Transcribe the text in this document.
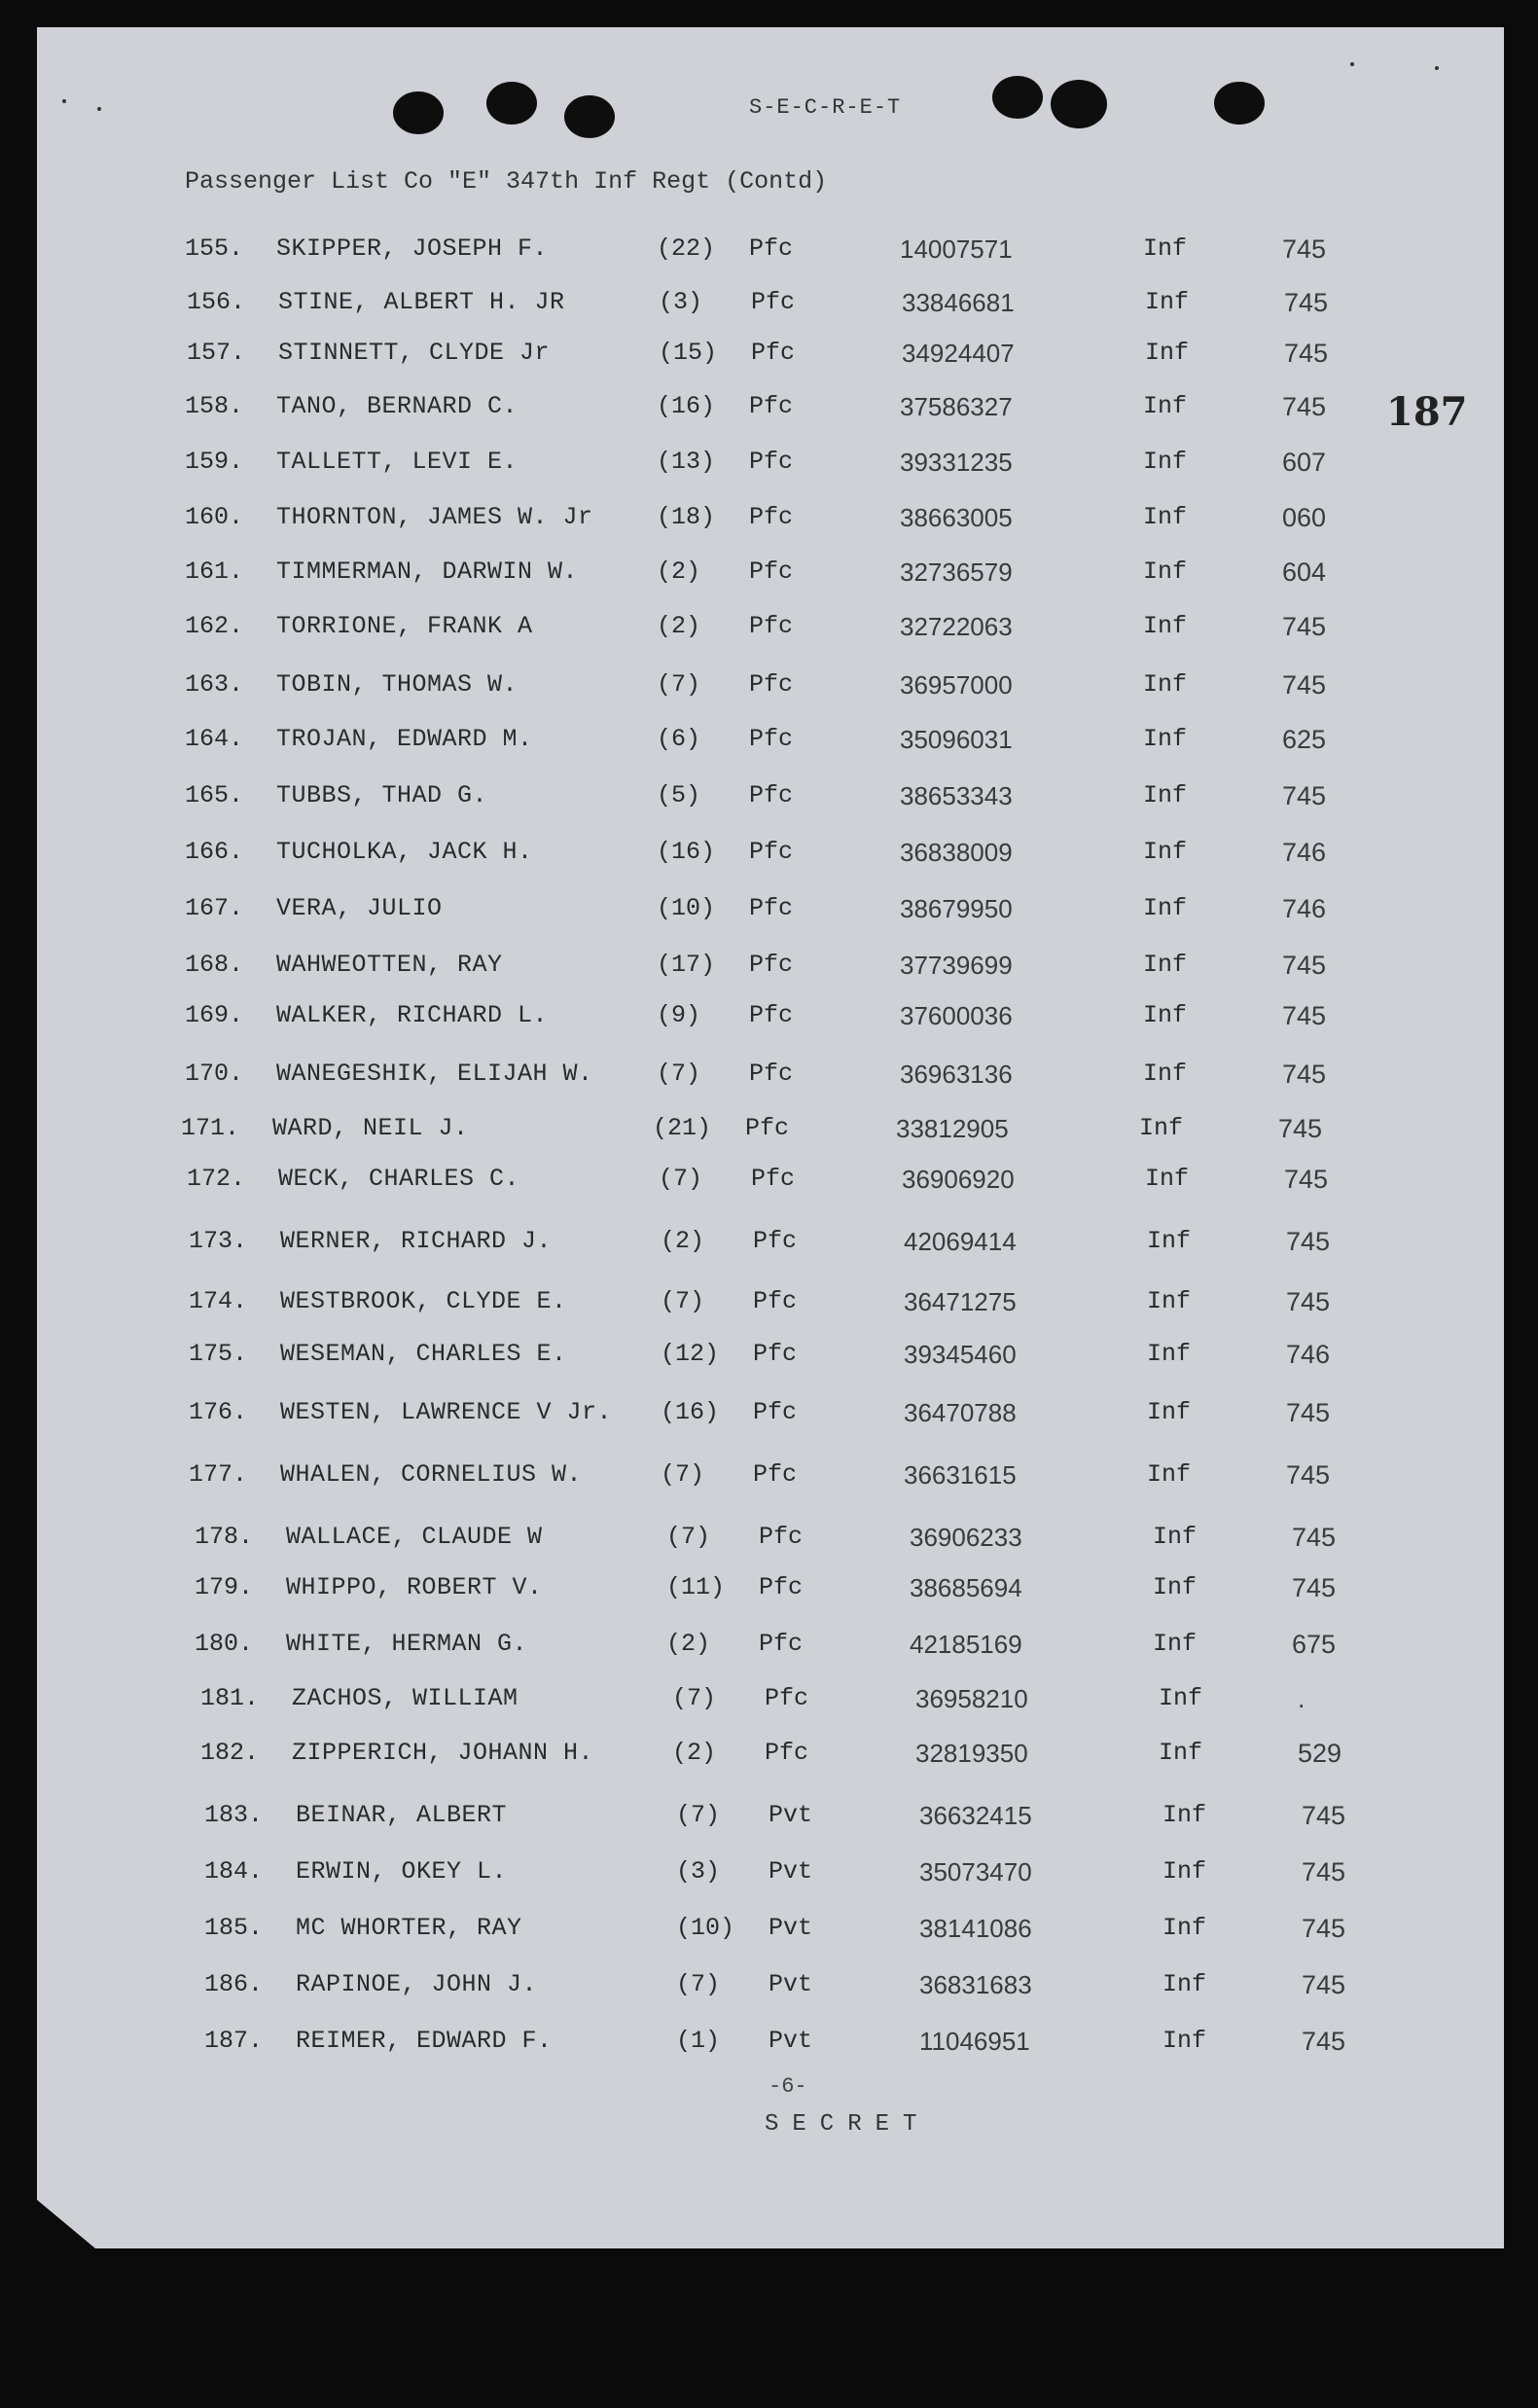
S-E-C-R-E-T
Passenger List Co "E" 347th Inf Regt (Contd)
187
155. SKIPPER, JOSEPH F.	(22) Pfc	14007571	Inf	745
156. STINE, ALBERT H. JR	(3) Pfc	33846681	Inf	745
157. STINNETT, CLYDE Jr	(15) Pfc	34924407	Inf	745
158. TANO, BERNARD C.	(16) Pfc	37586327	Inf	745
159. TALLETT, LEVI E.	(13) Pfc	39331235	Inf	607
160. THORNTON, JAMES W. Jr	(18) Pfc	38663005	Inf	060
161. TIMMERMAN, DARWIN W.	(2) Pfc	32736579	Inf	604
162. TORRIONE, FRANK A	(2) Pfc	32722063	Inf	745
163. TOBIN, THOMAS W.	(7) Pfc	36957000	Inf	745
164. TROJAN, EDWARD M.	(6) Pfc	35096031	Inf	625
165. TUBBS, THAD G.	(5) Pfc	38653343	Inf	745
166. TUCHOLKA, JACK H.	(16) Pfc	36838009	Inf	746
167. VERA, JULIO	(10) Pfc	38679950	Inf	746
168. WAHWEOTTEN, RAY	(17) Pfc	37739699	Inf	745
169. WALKER, RICHARD L.	(9) Pfc	37600036	Inf	745
170. WANEGESHIK, ELIJAH W.	(7) Pfc	36963136	Inf	745
171. WARD, NEIL J.	(21) Pfc	33812905	Inf	745
172. WECK, CHARLES C.	(7) Pfc	36906920	Inf	745
173. WERNER, RICHARD J.	(2) Pfc	42069414	Inf	745
174. WESTBROOK, CLYDE E.	(7) Pfc	36471275	Inf	745
175. WESEMAN, CHARLES E.	(12) Pfc	39345460	Inf	746
176. WESTEN, LAWRENCE V Jr. (16) Pfc	36470788	Inf	745
177. WHALEN, CORNELIUS W.	(7) Pfc	36631615	Inf	745
178. WALLACE, CLAUDE W	(7) Pfc	36906233	Inf	745
179. WHIPPO, ROBERT V.	(11) Pfc	38685694	Inf	745
180. WHITE, HERMAN G.	(2) Pfc	42185169	Inf	675
181. ZACHOS, WILLIAM	(7) Pfc	36958210	Inf	.
182. ZIPPERICH, JOHANN H.	(2) Pfc	32819350	Inf	529
183. BEINAR, ALBERT	(7) Pvt	36632415	Inf	745
184. ERWIN, OKEY L.	(3) Pvt	35073470	Inf	745
185. MC WHORTER, RAY	(10) Pvt	38141086	Inf	745
186. RAPINOE, JOHN J.	(7) Pvt	36831683	Inf	745
187. REIMER, EDWARD F.	(1) Pvt	11046951	Inf	745
-6-
SECRET
